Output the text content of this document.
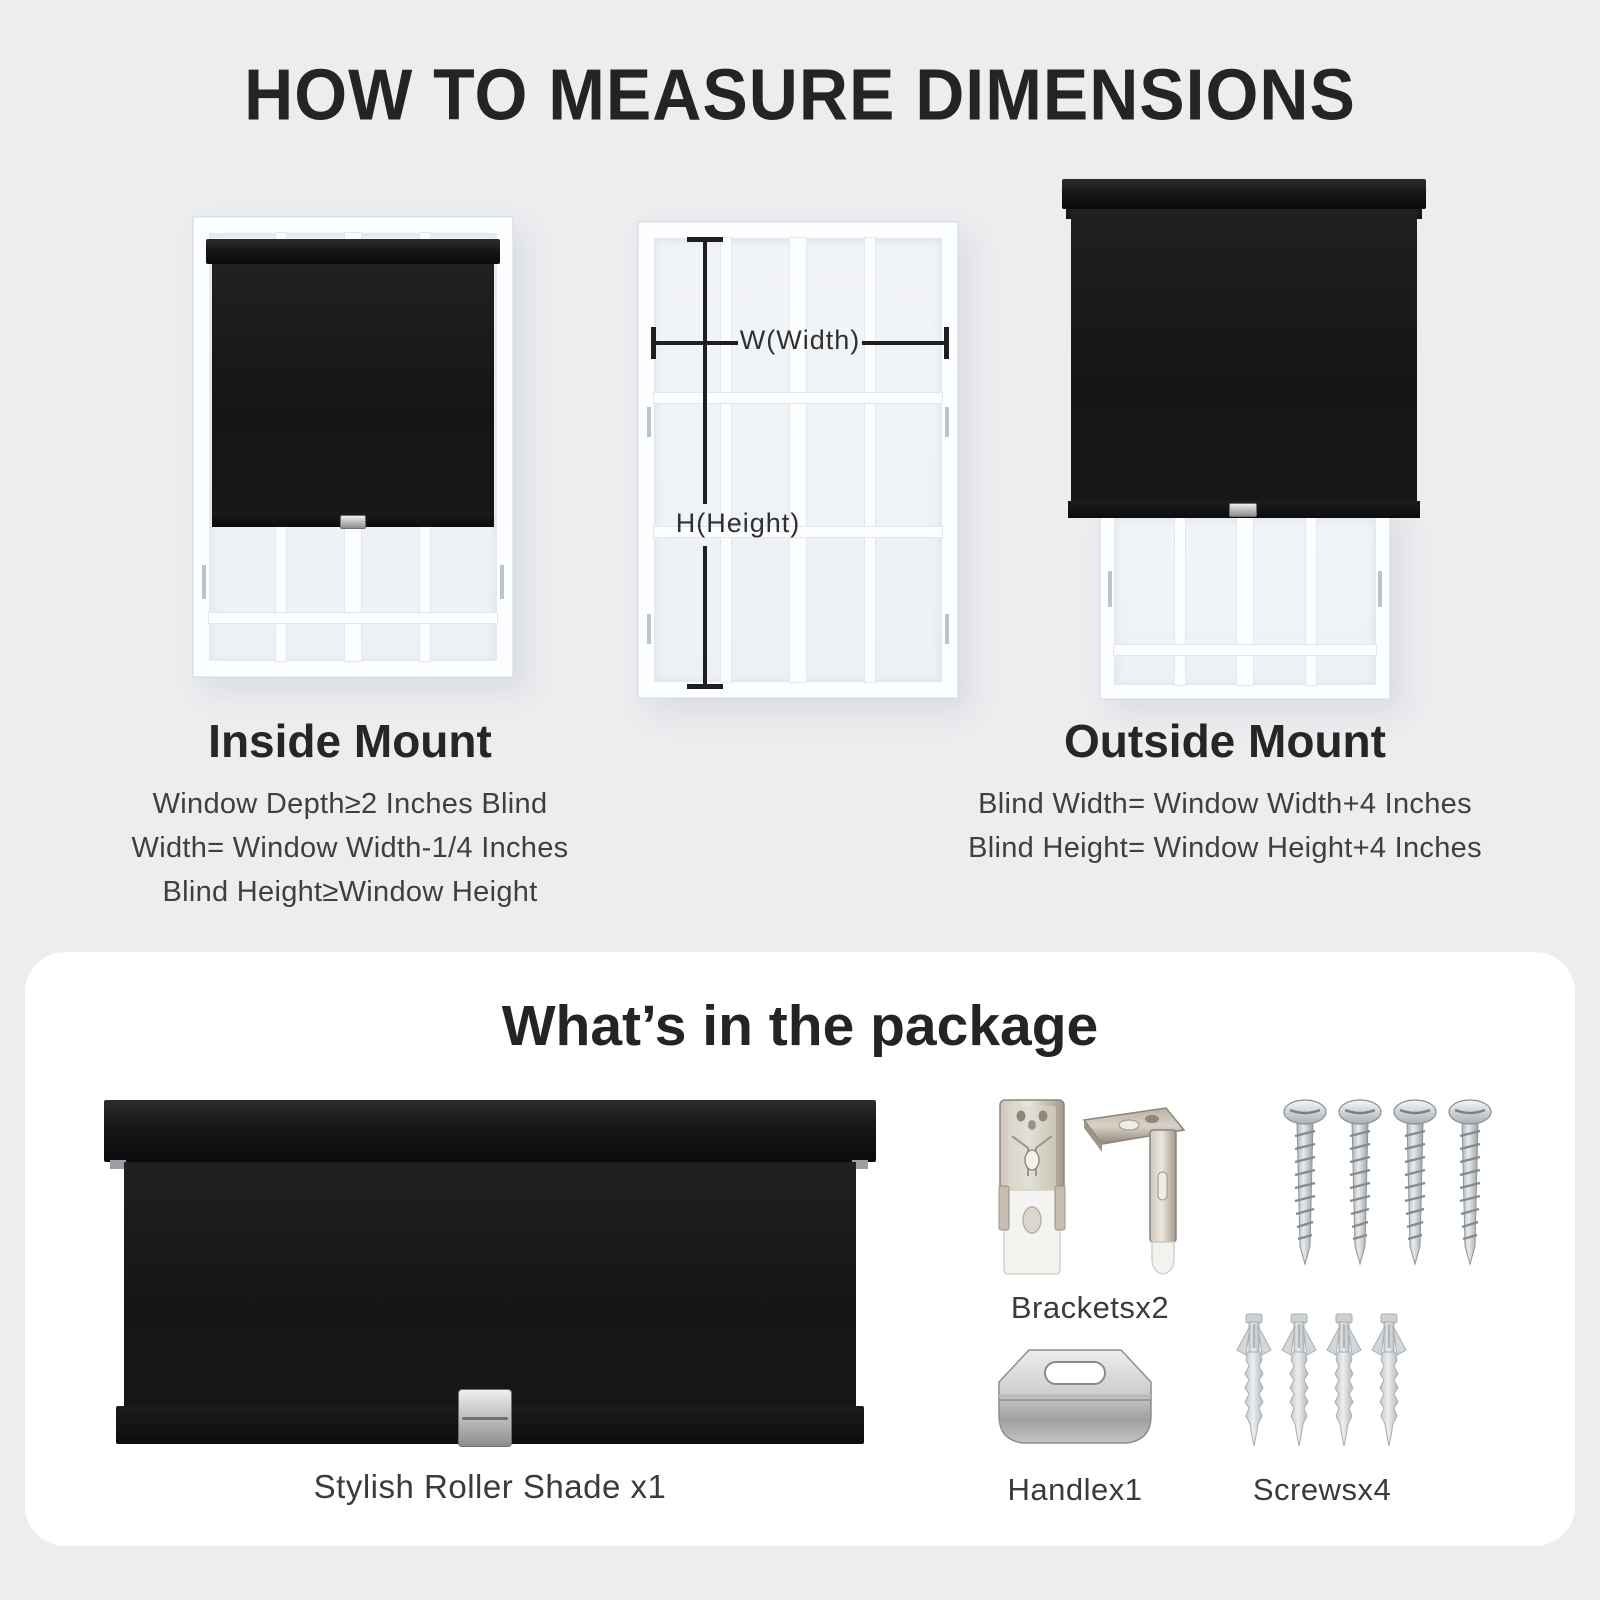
HOW TO MEASURE DIMENSIONS
W(Width)
H(Height)
Inside Mount
Window Depth≥2 Inches Blind
Width= Window Width-1/4 Inches
Blind Height≥Window Height
Outside Mount
Blind Width= Window Width+4 Inches
Blind Height= Window Height+4 Inches
What’s in the package
Stylish Roller Shade x1
Bracketsx2
Handlex1	Screwsx4
